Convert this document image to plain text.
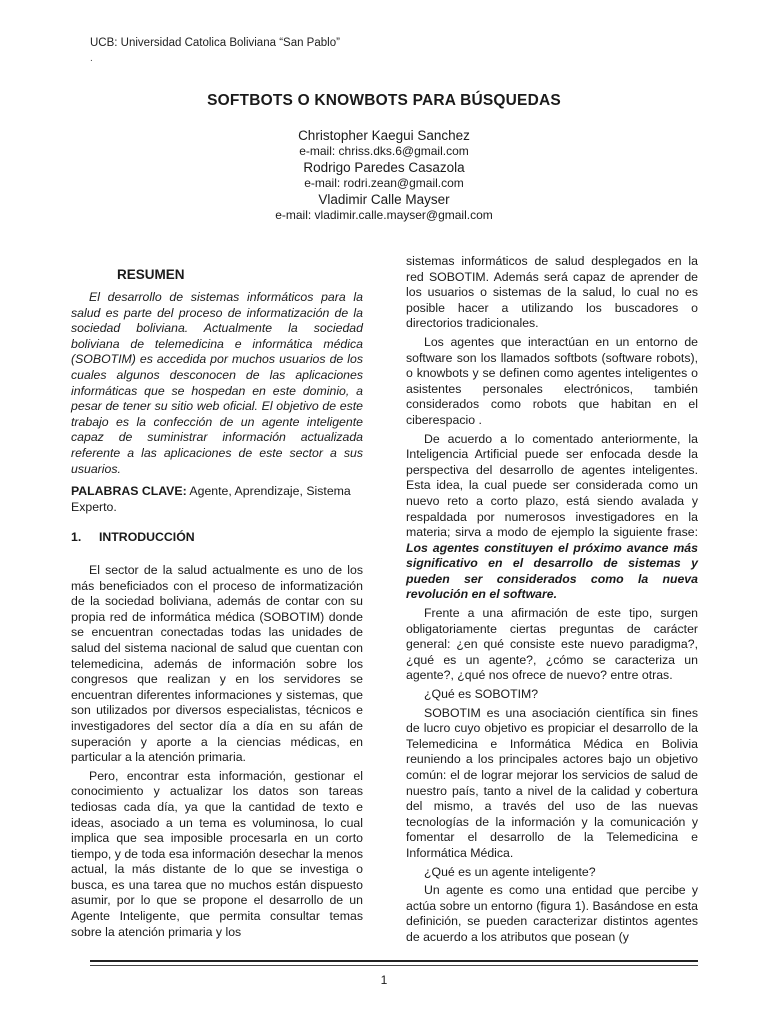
UCB: Universidad Catolica Boliviana “San Pablo”
.
SOFTBOTS O KNOWBOTS PARA BÚSQUEDAS
Christopher Kaegui Sanchez
e-mail: chriss.dks.6@gmail.com
Rodrigo Paredes Casazola
e-mail: rodri.zean@gmail.com
Vladimir Calle Mayser
e-mail: vladimir.calle.mayser@gmail.com
RESUMEN

El desarrollo de sistemas informáticos para la salud es parte del proceso de informatización de la sociedad boliviana. Actualmente la sociedad boliviana de telemedicina e informática médica (SOBOTIM) es accedida por muchos usuarios de los cuales algunos desconocen de las aplicaciones informáticas que se hospedan en este dominio, a pesar de tener su sitio web oficial. El objetivo de este trabajo es la confección de un agente inteligente capaz de suministrar información actualizada referente a las aplicaciones de este sector a sus usuarios.

PALABRAS CLAVE: Agente, Aprendizaje, Sistema Experto.

1. INTRODUCCIÓN

El sector de la salud actualmente es uno de los más beneficiados con el proceso de informatización de la sociedad boliviana, además de contar con su propia red de informática médica (SOBOTIM) donde se encuentran conectadas todas las unidades de salud del sistema nacional de salud que cuentan con telemedicina, además de información sobre los congresos que realizan y en los servidores se encuentran diferentes informaciones y sistemas, que son utilizados por diversos especialistas, técnicos e investigadores del sector día a día en su afán de superación y aporte a la ciencias médicas, en particular a la atención primaria.

Pero, encontrar esta información, gestionar el conocimiento y actualizar los datos son tareas tediosas cada día, ya que la cantidad de texto e ideas, asociado a un tema es voluminosa, lo cual implica que sea imposible procesarla en un corto tiempo, y de toda esa información desechar la menos actual, la más distante de lo que se investiga o busca, es una tarea que no muchos están dispuesto asumir, por lo que se propone el desarrollo de un Agente Inteligente, que permita consultar temas sobre la atención primaria y los

sistemas informáticos de salud desplegados en la red SOBOTIM. Además será capaz de aprender de los usuarios o sistemas de la salud, lo cual no es posible hacer a utilizando los buscadores o directorios tradicionales.

Los agentes que interactúan en un entorno de software son los llamados softbots (software robots), o knowbots y se definen como agentes inteligentes o asistentes personales electrónicos, también considerados como robots que habitan en el ciberespacio .

De acuerdo a lo comentado anteriormente, la Inteligencia Artificial puede ser enfocada desde la perspectiva del desarrollo de agentes inteligentes. Esta idea, la cual puede ser considerada como un nuevo reto a corto plazo, está siendo avalada y respaldada por numerosos investigadores en la materia; sirva a modo de ejemplo la siguiente frase: Los agentes constituyen el próximo avance más significativo en el desarrollo de sistemas y pueden ser considerados como la nueva revolución en el software.

Frente a una afirmación de este tipo, surgen obligatoriamente ciertas preguntas de carácter general: ¿en qué consiste este nuevo paradigma?, ¿qué es un agente?, ¿cómo se caracteriza un agente?, ¿qué nos ofrece de nuevo? entre otras.

¿Qué es SOBOTIM?

SOBOTIM es una asociación científica sin fines de lucro cuyo objetivo es propiciar el desarrollo de la Telemedicina e Informática Médica en Bolivia reuniendo a los principales actores bajo un objetivo común: el de lograr mejorar los servicios de salud de nuestro país, tanto a nivel de la calidad y cobertura del mismo, a través del uso de las nuevas tecnologías de la información y la comunicación y fomentar el desarrollo de la Telemedicina e Informática Médica.

¿Qué es un agente inteligente?

Un agente es como una entidad que percibe y actúa sobre un entorno (figura 1). Basándose en esta definición, se pueden caracterizar distintos agentes de acuerdo a los atributos que posean (y

1
